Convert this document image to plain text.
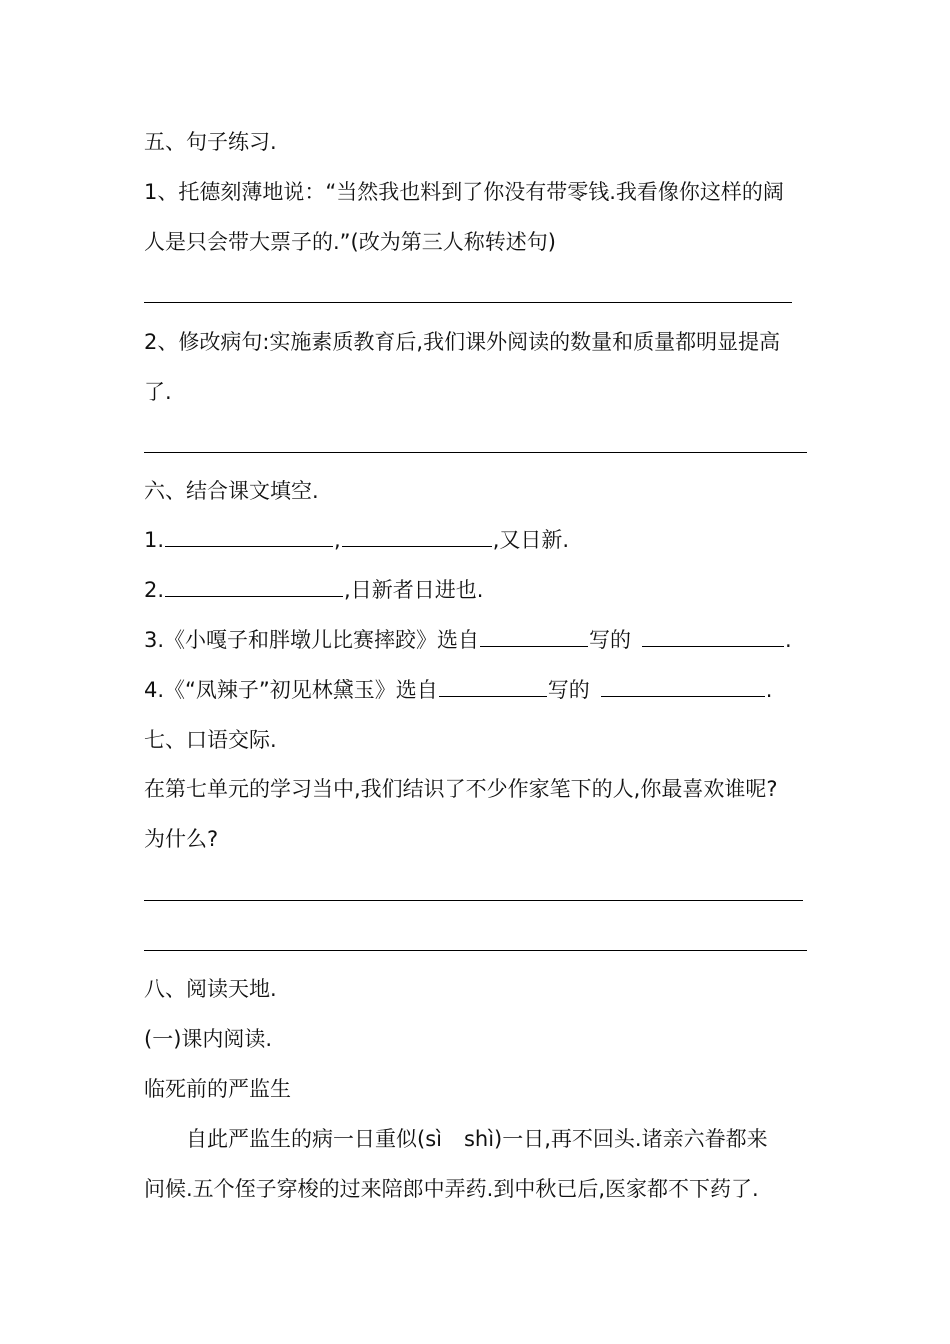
五、句子练习.
1、托德刻薄地说：“当然我也料到了你没有带零钱.我看像你这样的阔
人是只会带大票子的.”(改为第三人称转述句)
2、修改病句:实施素质教育后,我们课外阅读的数量和质量都明显提高
了.
六、结合课文填空.
1.	,	,又日新.
2.	,日新者日进也.
3.《小嘎子和胖墩儿比赛摔跤》选自	写的	.
4.《“凤辣子”初见林黛玉》选自	写的	.
七、口语交际.
在第七单元的学习当中,我们结识了不少作家笔下的人,你最喜欢谁呢?
为什么?
八、阅读天地.
(一)课内阅读.
临死前的严监生
自此严监生的病一日重似(sì shì)一日,再不回头.诸亲六眷都来
问候.五个侄子穿梭的过来陪郎中弄药.到中秋已后,医家都不下药了.
